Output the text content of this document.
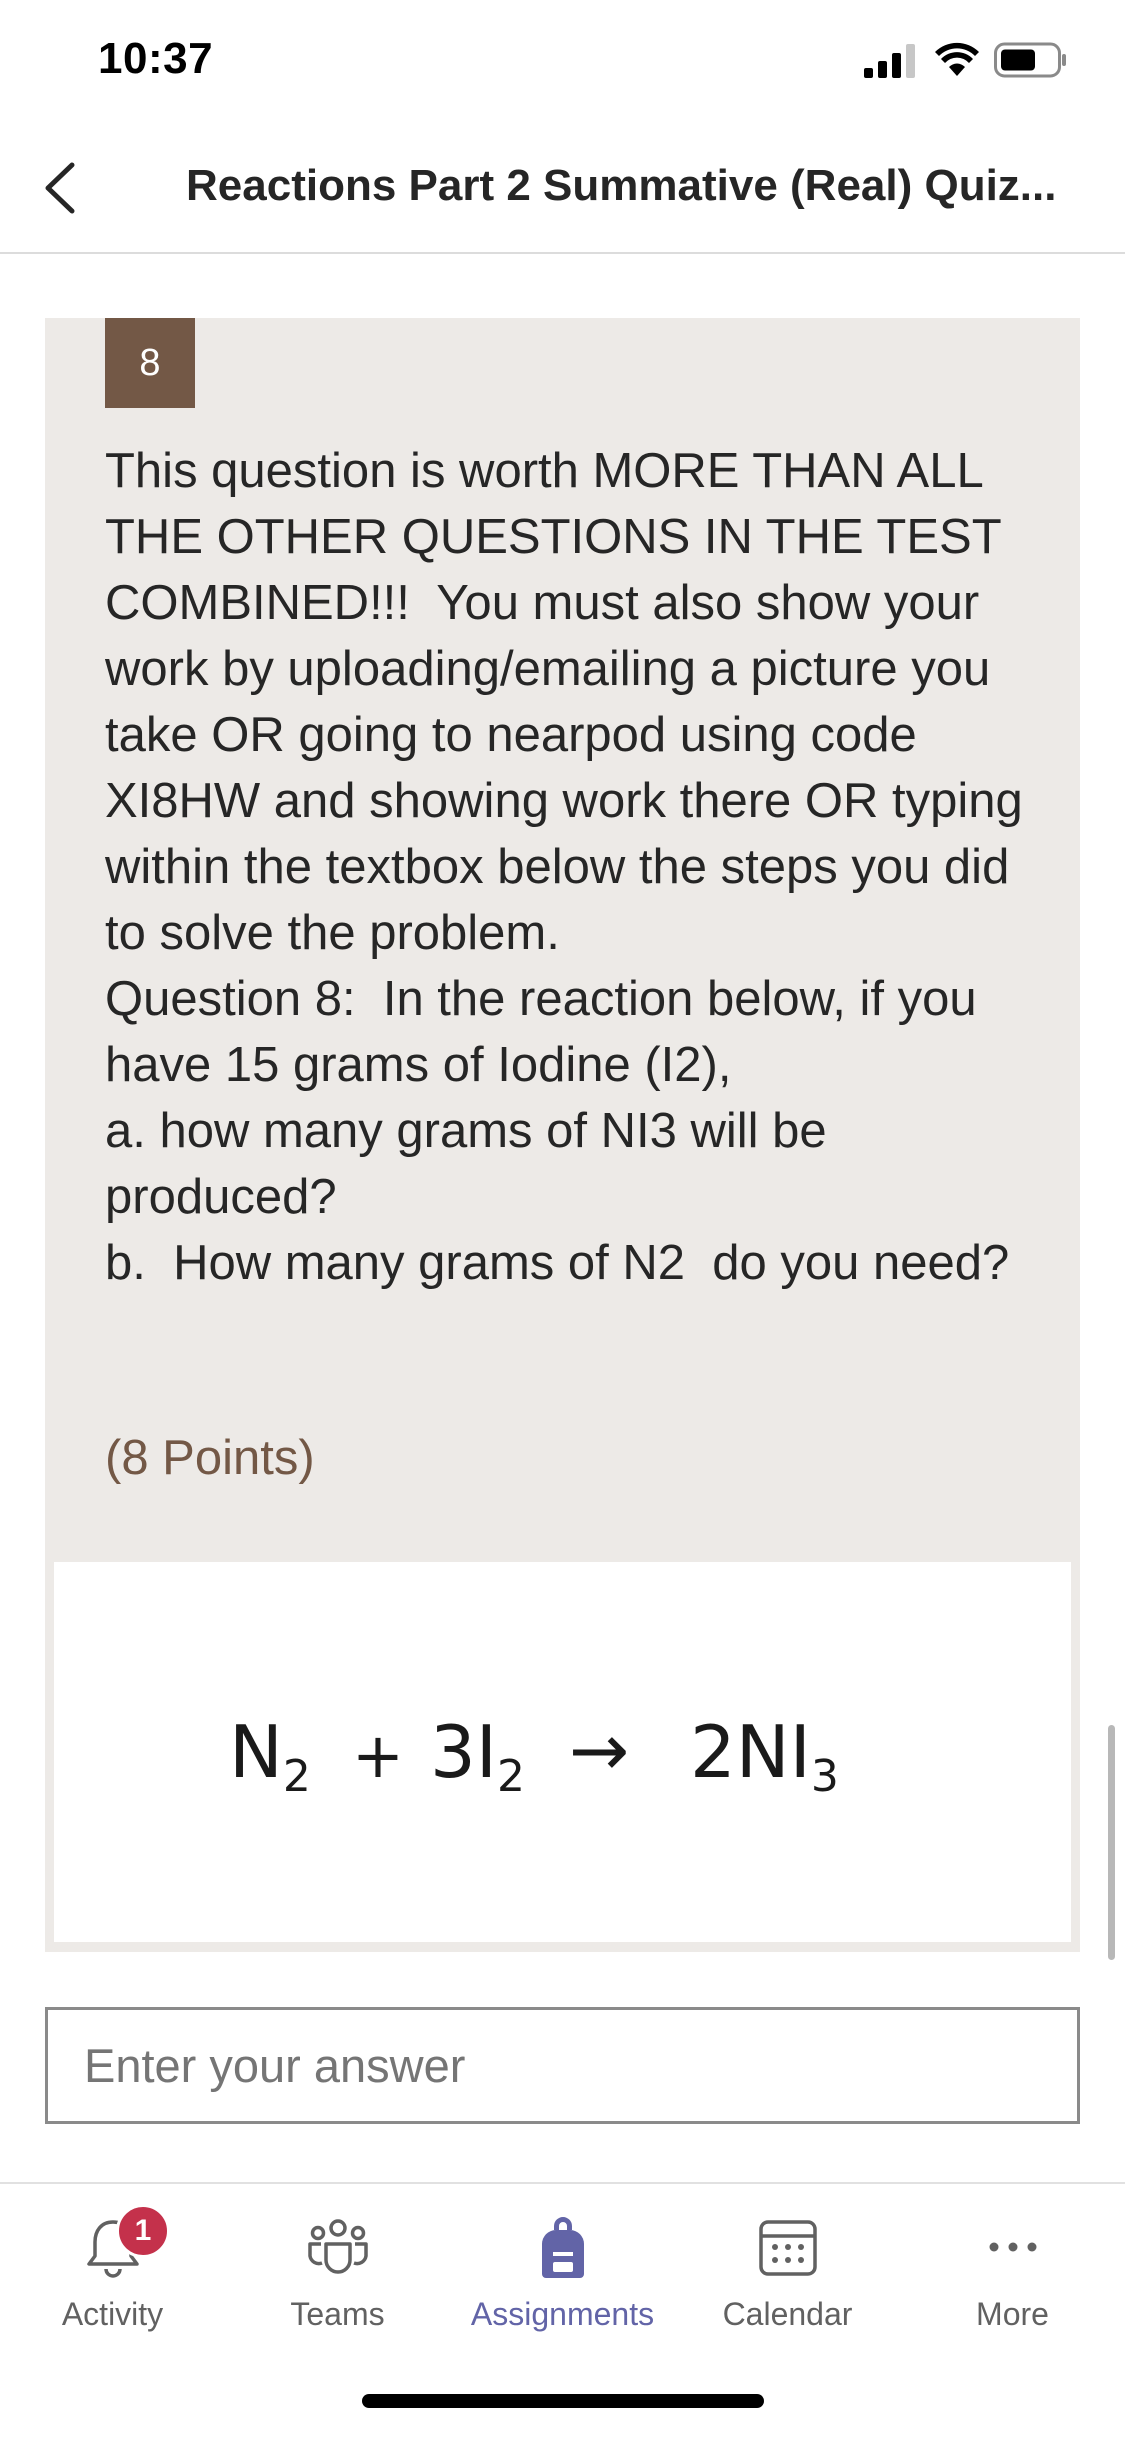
10:37
Reactions Part 2 Summative (Real) Quiz...
8
This question is worth MORE THAN ALL THE OTHER QUESTIONS IN THE TEST COMBINED!!!  You must also show your work by uploading/emailing a picture you take OR going to nearpod using code XI8HW and showing work there OR typing within the textbox below the steps you did to solve the problem.
Question 8:  In the reaction below, if you have 15 grams of Iodine (I2),
a. how many grams of NI3 will be produced?
b.  How many grams of N2  do you need?
(8 Points)
N2 + 3I2 → 2NI3
Enter your answer
1
Activity	Teams	Assignments	Calendar	More
